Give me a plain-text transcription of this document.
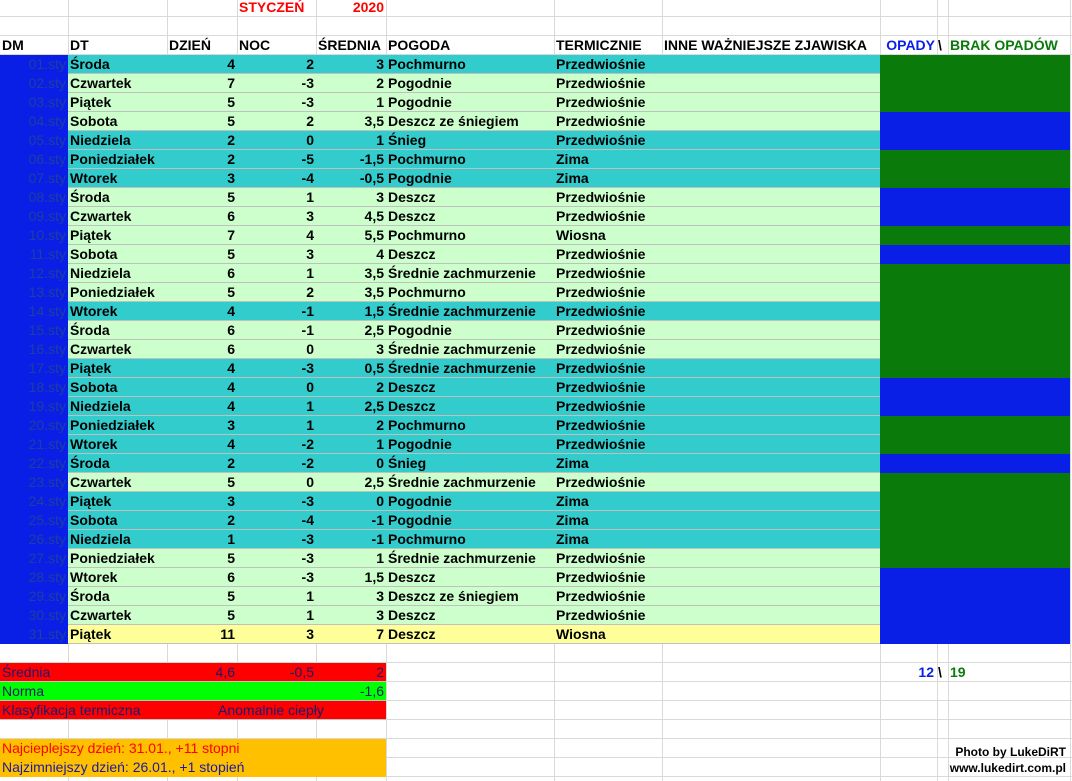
STYCZEŃ	2020
DM	DT	DZIEŃ	NOC	ŚREDNIA POGODA	TERMICZNIE	INNE WAŻNIEJSZE ZJAWISKA	OPADY \ BRAK OPADÓW
01.sty Środa	4	2	3 Pochmurno	Przedwiośnie
02.sty Czwartek	7	-3	2 Pogodnie	Przedwiośnie
03.sty Piątek	5	-3	1 Pogodnie	Przedwiośnie
04.sty Sobota	5	2	3,5 Deszcz ze śniegiem	Przedwiośnie
05.sty Niedziela	2	0	1 Śnieg	Przedwiośnie
06.sty Poniedziałek	2	-5	-1,5 Pochmurno	Zima
07.sty Wtorek	3	-4	-0,5 Pogodnie	Zima
08.sty Środa	5	1	3 Deszcz	Przedwiośnie
09.sty Czwartek	6	3	4,5 Deszcz	Przedwiośnie
10.sty Piątek	7	4	5,5 Pochmurno	Wiosna
11.sty Sobota	5	3	4 Deszcz	Przedwiośnie
12.sty Niedziela	6	1	3,5 Średnie zachmurzenie	Przedwiośnie
13.sty Poniedziałek	5	2	3,5 Pochmurno	Przedwiośnie
14.sty Wtorek	4	-1	1,5 Średnie zachmurzenie	Przedwiośnie
15.sty Środa	6	-1	2,5 Pogodnie	Przedwiośnie
16.sty Czwartek	6	0	3 Średnie zachmurzenie	Przedwiośnie
17.sty Piątek	4	-3	0,5 Średnie zachmurzenie	Przedwiośnie
18.sty Sobota	4	0	2 Deszcz	Przedwiośnie
19.sty Niedziela	4	1	2,5 Deszcz	Przedwiośnie
20.sty Poniedziałek	3	1	2 Pochmurno	Przedwiośnie
21.sty Wtorek	4	-2	1 Pogodnie	Przedwiośnie
22.sty Środa	2	-2	0 Śnieg	Zima
23.sty Czwartek	5	0	2,5 Średnie zachmurzenie	Przedwiośnie
24.sty Piątek	3	-3	0 Pogodnie	Zima
25.sty Sobota	2	-4	-1 Pogodnie	Zima
26.sty Niedziela	1	-3	-1 Pochmurno	Zima
27.sty Poniedziałek	5	-3	1 Średnie zachmurzenie	Przedwiośnie
28.sty Wtorek	6	-3	1,5 Deszcz	Przedwiośnie
29.sty Środa	5	1	3 Deszcz ze śniegiem	Przedwiośnie
30.sty Czwartek	5	1	3 Deszcz	Przedwiośnie
31.sty Piątek	11	3	7 Deszcz	Wiosna
Średnia	4,6	-0,5	2
Norma	-1,6
Klasyfikacja termiczna	Anomalnie ciepły
12 \ 19
Najcieplejszy dzień: 31.01., +11 stopni
Najzimniejszy dzień: 26.01., +1 stopień
Photo by LukeDiRT
www.lukedirt.com.pl
